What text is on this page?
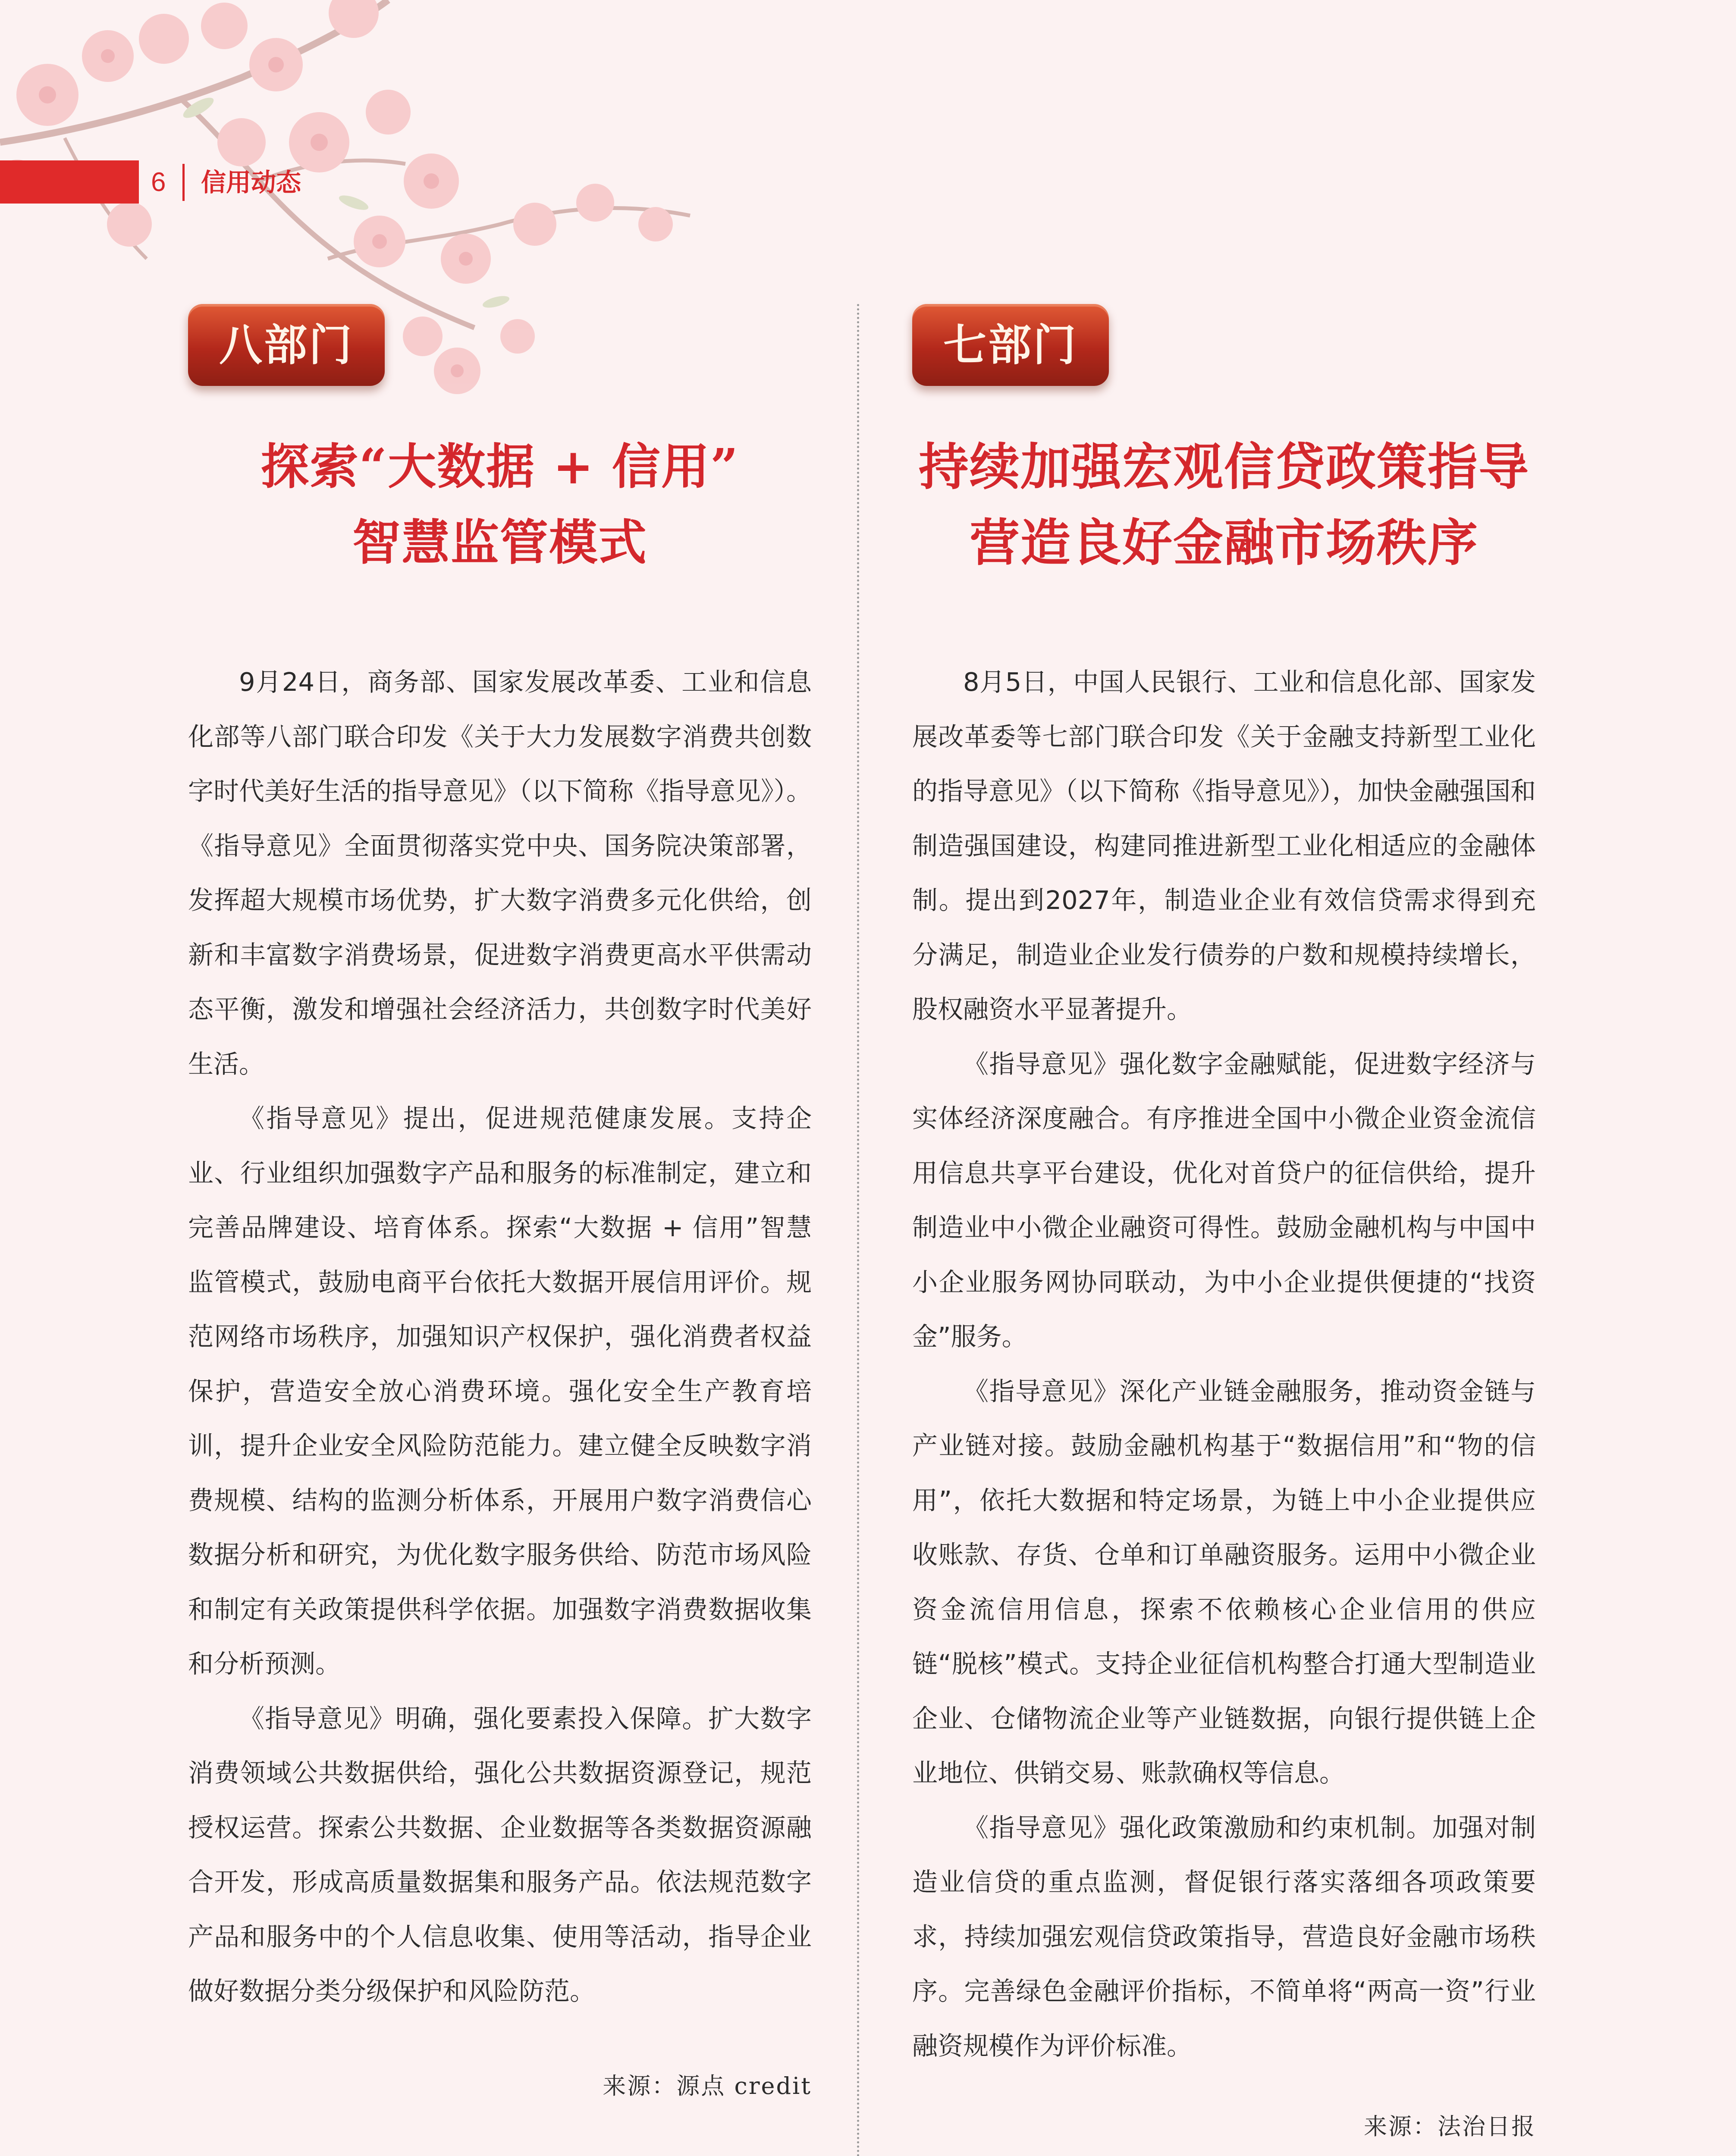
6 信用动态
八部门
探索“大数据 + 信用”
智慧监管模式

9月24日，商务部、国家发展改革委、工业和信息化部等八部门联合印发《关于大力发展数字消费共创数字时代美好生活的指导意见》（以下简称《指导意见》）。《指导意见》全面贯彻落实党中央、国务院决策部署，发挥超大规模市场优势，扩大数字消费多元化供给，创新和丰富数字消费场景，促进数字消费更高水平供需动态平衡，激发和增强社会经济活力，共创数字时代美好生活。

《指导意见》提出，促进规范健康发展。支持企业、行业组织加强数字产品和服务的标准制定，建立和完善品牌建设、培育体系。探索“大数据 + 信用”智慧监管模式，鼓励电商平台依托大数据开展信用评价。规范网络市场秩序，加强知识产权保护，强化消费者权益保护，营造安全放心消费环境。强化安全生产教育培训，提升企业安全风险防范能力。建立健全反映数字消费规模、结构的监测分析体系，开展用户数字消费信心数据分析和研究，为优化数字服务供给、防范市场风险和制定有关政策提供科学依据。加强数字消费数据收集和分析预测。

《指导意见》明确，强化要素投入保障。扩大数字消费领域公共数据供给，强化公共数据资源登记，规范授权运营。探索公共数据、企业数据等各类数据资源融合开发，形成高质量数据集和服务产品。依法规范数字产品和服务中的个人信息收集、使用等活动，指导企业做好数据分类分级保护和风险防范。

来源：源点 credit
七部门
持续加强宏观信贷政策指导
营造良好金融市场秩序

8月5日，中国人民银行、工业和信息化部、国家发展改革委等七部门联合印发《关于金融支持新型工业化的指导意见》（以下简称《指导意见》），加快金融强国和制造强国建设，构建同推进新型工业化相适应的金融体制。提出到2027年，制造业企业有效信贷需求得到充分满足，制造业企业发行债券的户数和规模持续增长，股权融资水平显著提升。

《指导意见》强化数字金融赋能，促进数字经济与实体经济深度融合。有序推进全国中小微企业资金流信用信息共享平台建设，优化对首贷户的征信供给，提升制造业中小微企业融资可得性。鼓励金融机构与中国中小企业服务网协同联动，为中小企业提供便捷的“找资金”服务。

《指导意见》深化产业链金融服务，推动资金链与产业链对接。鼓励金融机构基于“数据信用”和“物的信用”，依托大数据和特定场景，为链上中小企业提供应收账款、存货、仓单和订单融资服务。运用中小微企业资金流信用信息，探索不依赖核心企业信用的供应链“脱核”模式。支持企业征信机构整合打通大型制造业企业、仓储物流企业等产业链数据，向银行提供链上企业地位、供销交易、账款确权等信息。

《指导意见》强化政策激励和约束机制。加强对制造业信贷的重点监测，督促银行落实落细各项政策要求，持续加强宏观信贷政策指导，营造良好金融市场秩序。完善绿色金融评价指标，不简单将“两高一资”行业融资规模作为评价标准。

来源：法治日报
